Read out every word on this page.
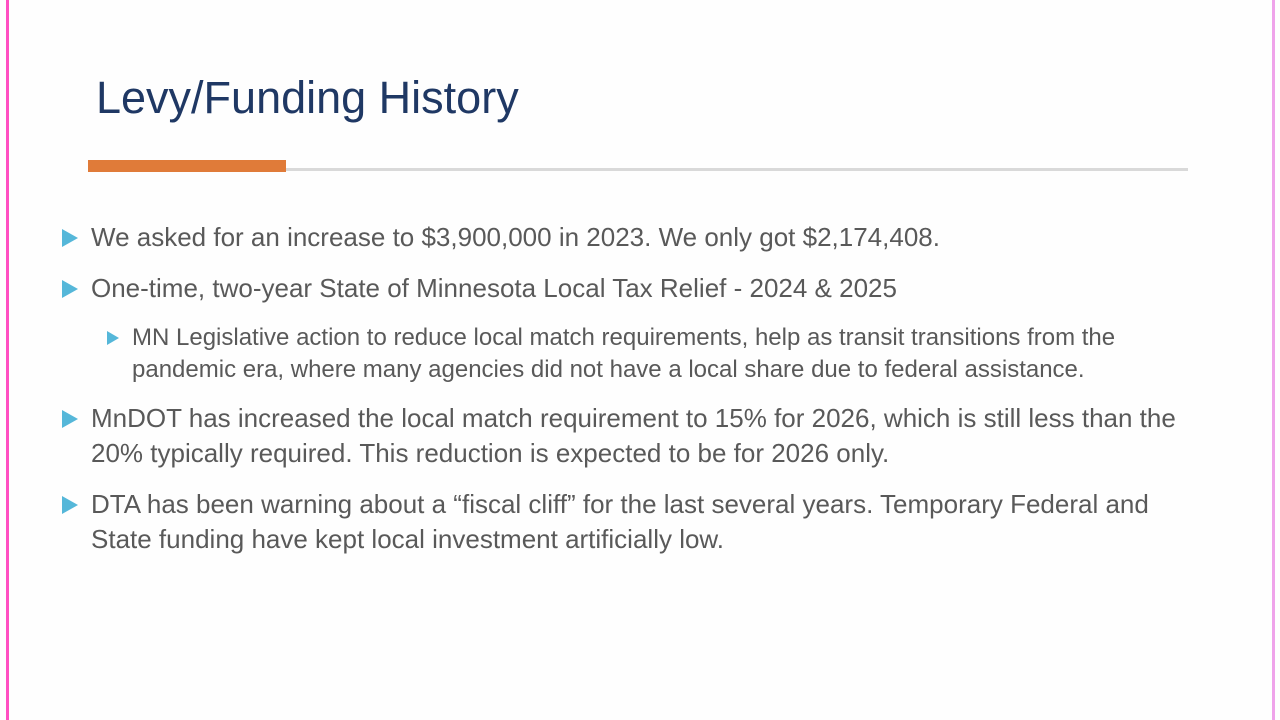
Levy/Funding History
We asked for an increase to $3,900,000 in 2023. We only got $2,174,408.
One-time, two-year State of Minnesota Local Tax Relief - 2024 & 2025
MN Legislative action to reduce local match requirements, help as transit transitions from the pandemic era, where many agencies did not have a local share due to federal assistance.
MnDOT has increased the local match requirement to 15% for 2026, which is still less than the 20% typically required. This reduction is expected to be for 2026 only.
DTA has been warning about a “fiscal cliff” for the last several years. Temporary Federal and State funding have kept local investment artificially low.
